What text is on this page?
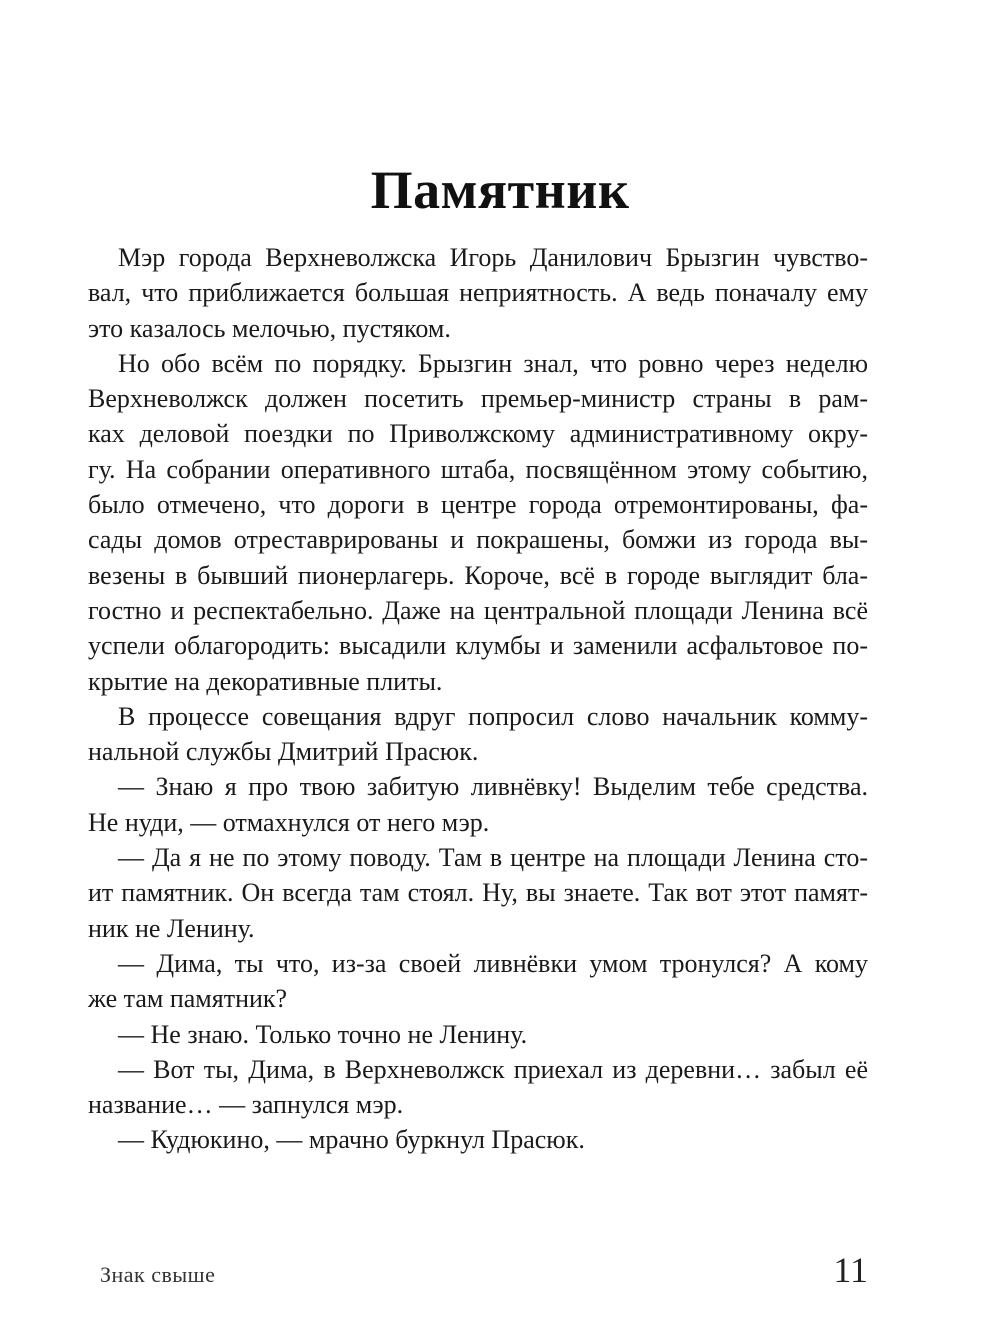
Памятник
Мэр города Верхневолжска Игорь Данилович Брызгин чувство-
вал, что приближается большая неприятность. А ведь поначалу ему
это казалось мелочью, пустяком.
Но обо всём по порядку. Брызгин знал, что ровно через неделю
Верхневолжск должен посетить премьер-министр страны в рам-
ках деловой поездки по Приволжскому административному окру-
гу. На собрании оперативного штаба, посвящённом этому событию,
было отмечено, что дороги в центре города отремонтированы, фа-
сады домов отреставрированы и покрашены, бомжи из города вы-
везены в бывший пионерлагерь. Короче, всё в городе выглядит бла-
гостно и респектабельно. Даже на центральной площади Ленина всё
успели облагородить: высадили клумбы и заменили асфальтовое по-
крытие на декоративные плиты.
В процессе совещания вдруг попросил слово начальник комму-
нальной службы Дмитрий Прасюк.
— Знаю я про твою забитую ливнёвку! Выделим тебе средства.
Не нуди, — отмахнулся от него мэр.
— Да я не по этому поводу. Там в центре на площади Ленина сто-
ит памятник. Он всегда там стоял. Ну, вы знаете. Так вот этот памят-
ник не Ленину.
— Дима, ты что, из-за своей ливнёвки умом тронулся? А кому
же там памятник?
— Не знаю. Только точно не Ленину.
— Вот ты, Дима, в Верхневолжск приехал из деревни… забыл её
название… — запнулся мэр.
— Кудюкино, — мрачно буркнул Прасюк.
Знак свыше	11
